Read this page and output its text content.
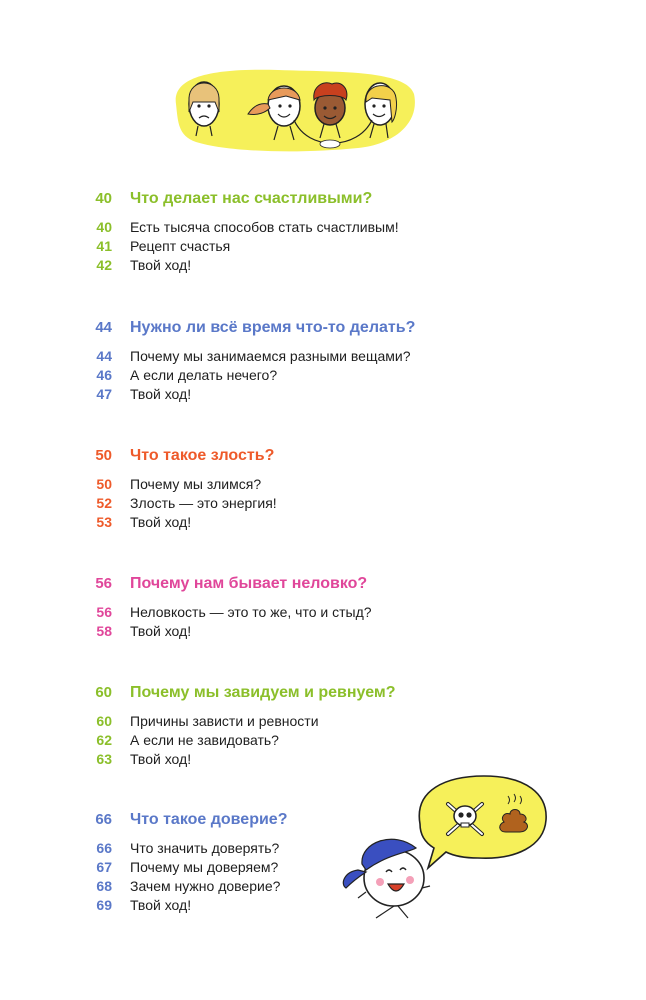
40 Что делает нас счастливыми?
40 Есть тысяча способов стать счастливым!
41 Рецепт счастья
42 Твой ход!
44 Нужно ли всё время что-то делать?
44 Почему мы занимаемся разными вещами?
46 А если делать нечего?
47 Твой ход!
50 Что такое злость?
50 Почему мы злимся?
52 Злость — это энергия!
53 Твой ход!
56 Почему нам бывает неловко?
56 Неловкость — это то же, что и стыд?
58 Твой ход!
60 Почему мы завидуем и ревнуем?
60 Причины зависти и ревности
62 А если не завидовать?
63 Твой ход!
66 Что такое доверие?
66 Что значить доверять?
67 Почему мы доверяем?
68 Зачем нужно доверие?
69 Твой ход!
